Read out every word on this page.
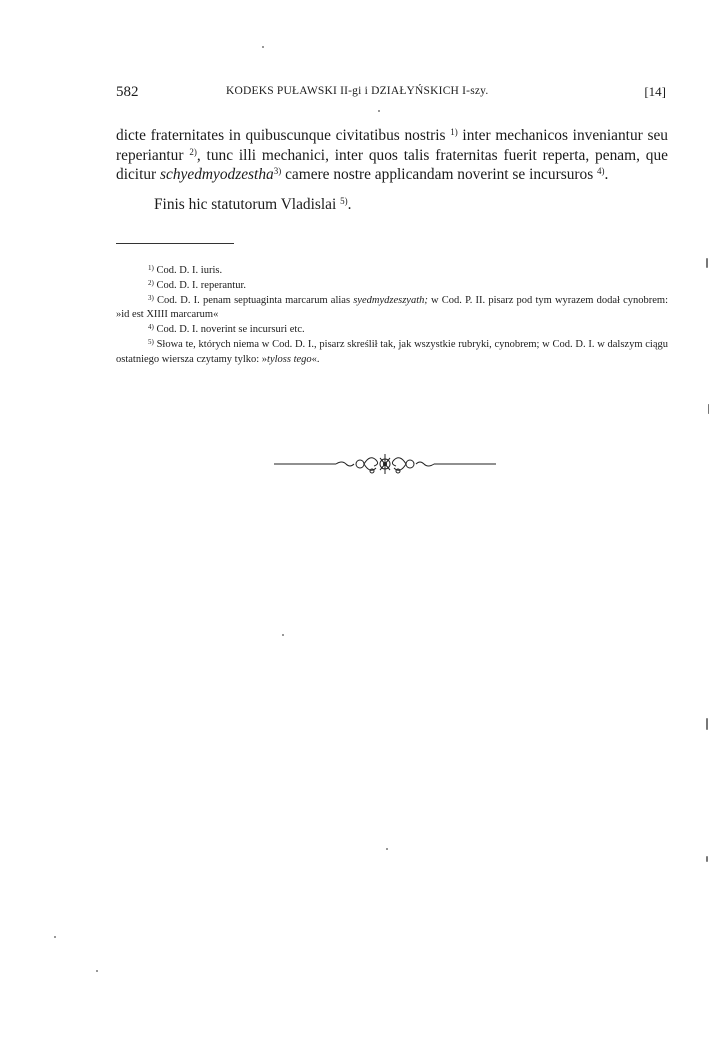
582	KODEKS PUŁAWSKI II-gi i DZIAŁYŃSKICH I-szy.	[14]

dicte fraternitates in quibuscunque civitatibus nostris $^{1)}$ inter mechanicos inveniantur seu reperiantur $^{2)}$, tunc illi mechanici, inter quos talis fraternitas fuerit reperta, penam, que dicitur schyedmyodzestha$^{3)}$ camere nostre applicandam noverint se incursuros $^{4)}$.

Finis hic statutorum Vladislai $^{5)}$.

$^{1)}$ Cod. D. I. iuris.

$^{2)}$ Cod. D. I. reperantur.

$^{3)}$ Cod. D. I. penam septuaginta marcarum alias syedmydzeszyath; w Cod. P. II. pisarz pod tym wyrazem dodał cynobrem: »id est XIIII marcarum«

$^{4)}$ Cod. D. I. noverint se incursuri etc.

$^{5)}$ Słowa te, których niema w Cod. D. I., pisarz skreślił tak, jak wszystkie rubryki, cynobrem; w Cod. D. I. w dalszym ciągu ostatniego wiersza czytamy tylko: »tyloss tego«.
